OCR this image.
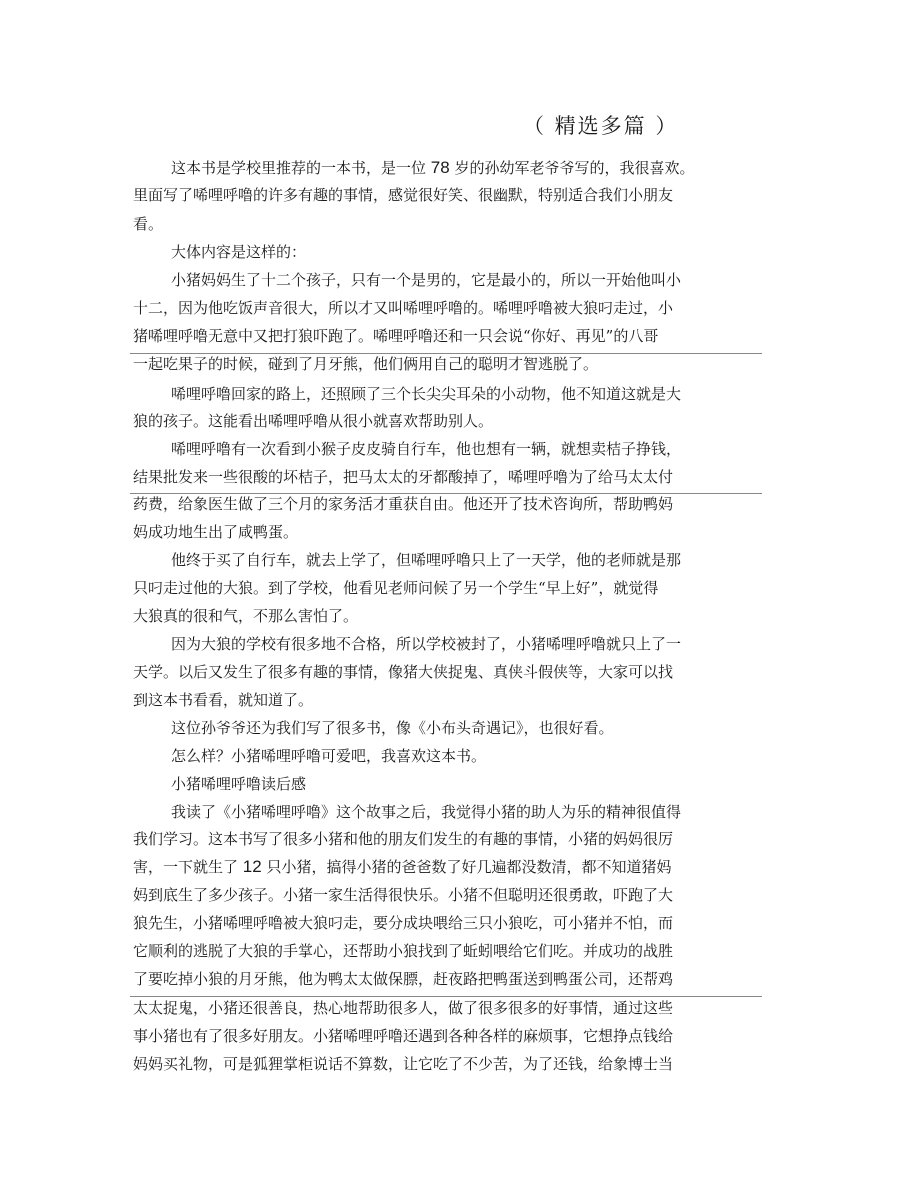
（ 精选多篇 ）
这本书是学校里推荐的一本书，是一位 78 岁的孙幼军老爷爷写的，我很喜欢。
里面写了唏哩呼噜的许多有趣的事情，感觉很好笑、很幽默，特别适合我们小朋友
看。
大体内容是这样的：
小猪妈妈生了十二个孩子，只有一个是男的，它是最小的，所以一开始他叫小
十二，因为他吃饭声音很大，所以才又叫唏哩呼噜的。唏哩呼噜被大狼叼走过，小
猪唏哩呼噜无意中又把打狼吓跑了。唏哩呼噜还和一只会说“你好、再见”的八哥
一起吃果子的时候，碰到了月牙熊，他们俩用自己的聪明才智逃脱了。
唏哩呼噜回家的路上，还照顾了三个长尖尖耳朵的小动物，他不知道这就是大
狼的孩子。这能看出唏哩呼噜从很小就喜欢帮助别人。
唏哩呼噜有一次看到小猴子皮皮骑自行车，他也想有一辆，就想卖桔子挣钱，
结果批发来一些很酸的坏桔子，把马太太的牙都酸掉了，唏哩呼噜为了给马太太付
药费，给象医生做了三个月的家务活才重获自由。他还开了技术咨询所，帮助鸭妈
妈成功地生出了咸鸭蛋。
他终于买了自行车，就去上学了，但唏哩呼噜只上了一天学，他的老师就是那
只叼走过他的大狼。到了学校，他看见老师问候了另一个学生“早上好”，就觉得
大狼真的很和气，不那么害怕了。
因为大狼的学校有很多地不合格，所以学校被封了，小猪唏哩呼噜就只上了一
天学。以后又发生了很多有趣的事情，像猪大侠捉鬼、真侠斗假侠等，大家可以找
到这本书看看，就知道了。
这位孙爷爷还为我们写了很多书，像《小布头奇遇记》，也很好看。
怎么样？小猪唏哩呼噜可爱吧，我喜欢这本书。
小猪唏哩呼噜读后感
我读了《小猪唏哩呼噜》这个故事之后，我觉得小猪的助人为乐的精神很值得
我们学习。这本书写了很多小猪和他的朋友们发生的有趣的事情，小猪的妈妈很厉
害，一下就生了 12 只小猪，搞得小猪的爸爸数了好几遍都没数清，都不知道猪妈
妈到底生了多少孩子。小猪一家生活得很快乐。小猪不但聪明还很勇敢，吓跑了大
狼先生，小猪唏哩呼噜被大狼叼走，要分成块喂给三只小狼吃，可小猪并不怕，而
它顺利的逃脱了大狼的手掌心，还帮助小狼找到了蚯蚓喂给它们吃。并成功的战胜
了要吃掉小狼的月牙熊，他为鸭太太做保膘，赶夜路把鸭蛋送到鸭蛋公司，还帮鸡
太太捉鬼，小猪还很善良，热心地帮助很多人，做了很多很多的好事情，通过这些
事小猪也有了很多好朋友。小猪唏哩呼噜还遇到各种各样的麻烦事，它想挣点钱给
妈妈买礼物，可是狐狸掌柜说话不算数，让它吃了不少苦，为了还钱，给象博士当
